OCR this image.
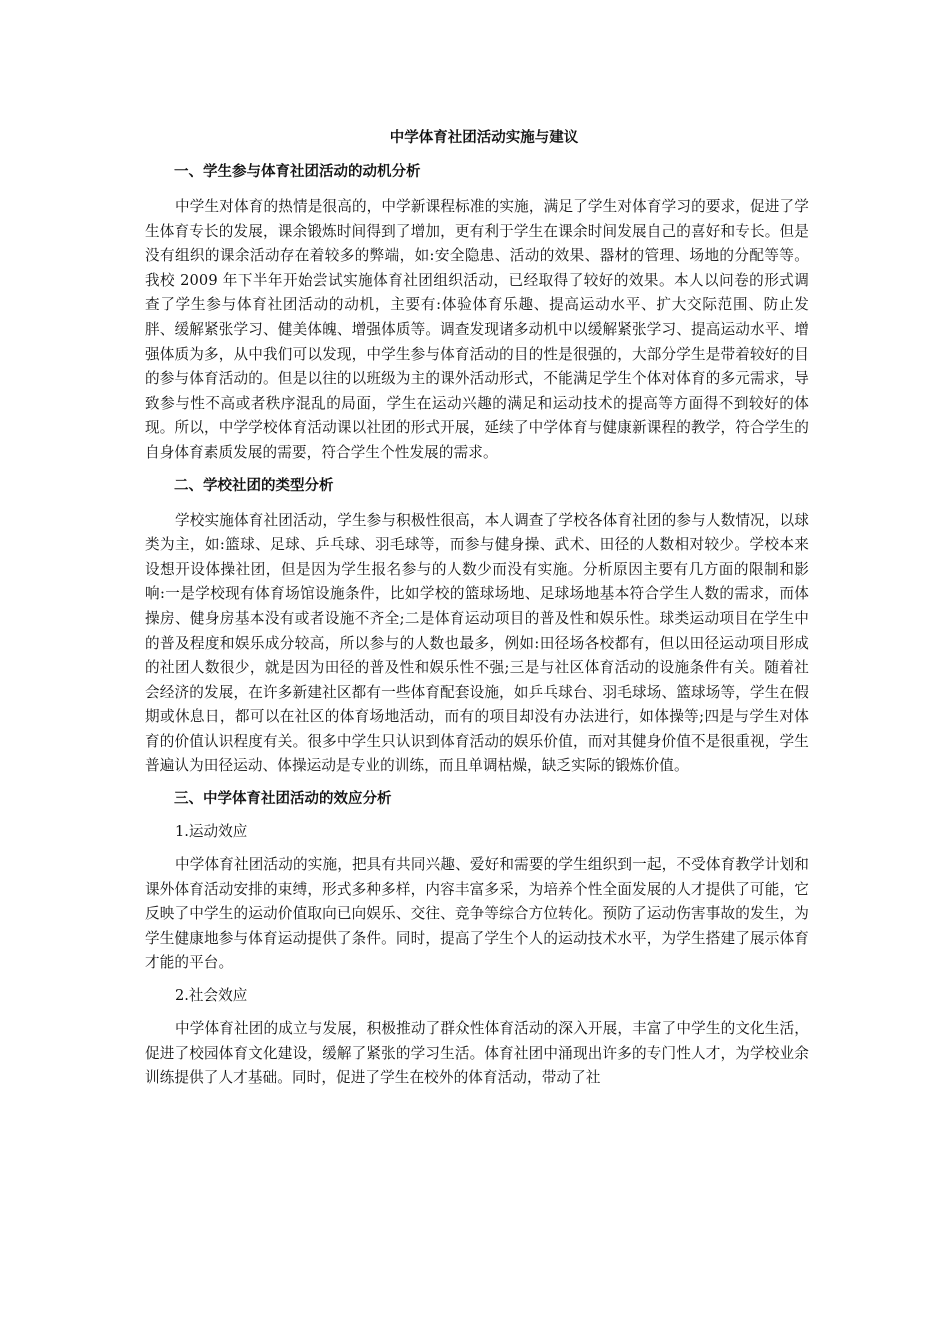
中学体育社团活动实施与建议
一、学生参与体育社团活动的动机分析

中学生对体育的热情是很高的，中学新课程标准的实施，满足了学生对体育学习的要求，促进了学生体育专长的发展，课余锻炼时间得到了增加，更有利于学生在课余时间发展自己的喜好和专长。但是没有组织的课余活动存在着较多的弊端，如:安全隐患、活动的效果、器材的管理、场地的分配等等。我校 2009 年下半年开始尝试实施体育社团组织活动，已经取得了较好的效果。本人以问卷的形式调查了学生参与体育社团活动的动机，主要有:体验体育乐趣、提高运动水平、扩大交际范围、防止发胖、缓解紧张学习、健美体魄、增强体质等。调查发现诸多动机中以缓解紧张学习、提高运动水平、增强体质为多，从中我们可以发现，中学生参与体育活动的目的性是很强的，大部分学生是带着较好的目的参与体育活动的。但是以往的以班级为主的课外活动形式，不能满足学生个体对体育的多元需求，导致参与性不高或者秩序混乱的局面，学生在运动兴趣的满足和运动技术的提高等方面得不到较好的体现。所以，中学学校体育活动课以社团的形式开展，延续了中学体育与健康新课程的教学，符合学生的自身体育素质发展的需要，符合学生个性发展的需求。

二、学校社团的类型分析

学校实施体育社团活动，学生参与积极性很高，本人调查了学校各体育社团的参与人数情况，以球类为主，如:篮球、足球、乒乓球、羽毛球等，而参与健身操、武术、田径的人数相对较少。学校本来设想开设体操社团，但是因为学生报名参与的人数少而没有实施。分析原因主要有几方面的限制和影响:一是学校现有体育场馆设施条件，比如学校的篮球场地、足球场地基本符合学生人数的需求，而体操房、健身房基本没有或者设施不齐全;二是体育运动项目的普及性和娱乐性。球类运动项目在学生中的普及程度和娱乐成分较高，所以参与的人数也最多，例如:田径场各校都有，但以田径运动项目形成的社团人数很少，就是因为田径的普及性和娱乐性不强;三是与社区体育活动的设施条件有关。随着社会经济的发展，在许多新建社区都有一些体育配套设施，如乒乓球台、羽毛球场、篮球场等，学生在假期或休息日，都可以在社区的体育场地活动，而有的项目却没有办法进行，如体操等;四是与学生对体育的价值认识程度有关。很多中学生只认识到体育活动的娱乐价值，而对其健身价值不是很重视，学生普遍认为田径运动、体操运动是专业的训练，而且单调枯燥，缺乏实际的锻炼价值。

三、中学体育社团活动的效应分析
1.运动效应

中学体育社团活动的实施，把具有共同兴趣、爱好和需要的学生组织到一起，不受体育教学计划和课外体育活动安排的束缚，形式多种多样，内容丰富多采，为培养个性全面发展的人才提供了可能，它反映了中学生的运动价值取向已向娱乐、交往、竞争等综合方位转化。预防了运动伤害事故的发生，为学生健康地参与体育运动提供了条件。同时，提高了学生个人的运动技术水平，为学生搭建了展示体育才能的平台。

2.社会效应

中学体育社团的成立与发展，积极推动了群众性体育活动的深入开展，丰富了中学生的文化生活，促进了校园体育文化建设，缓解了紧张的学习生活。体育社团中涌现出许多的专门性人才，为学校业余训练提供了人才基础。同时，促进了学生在校外的体育活动，带动了社
